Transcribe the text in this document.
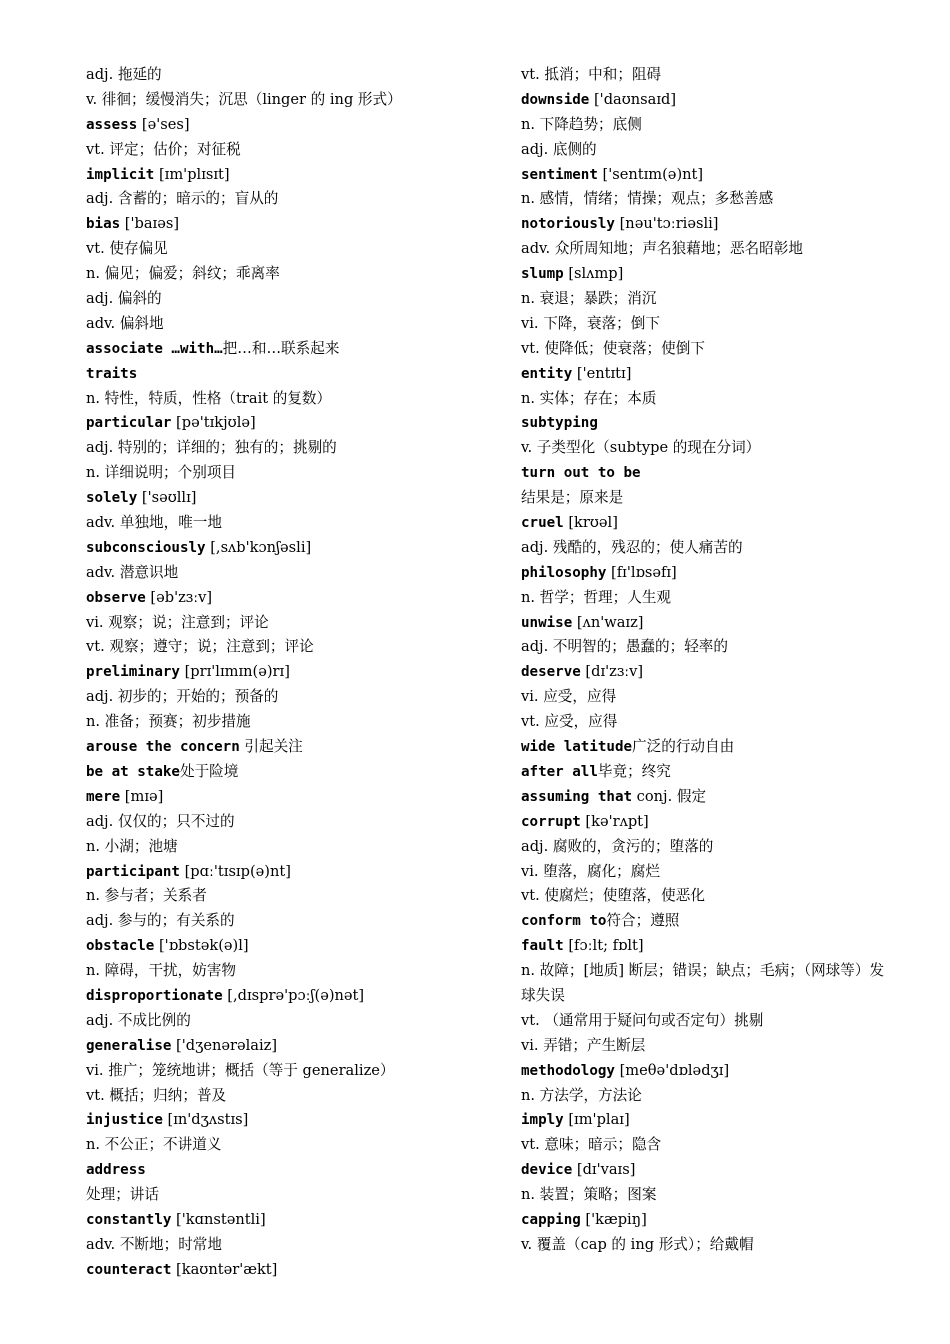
adj. 拖延的
v. 徘徊；缓慢消失；沉思（linger 的 ing 形式）
assess [ə'ses]
vt. 评定；估价；对征税
implicit [ɪm'plɪsɪt]
adj. 含蓄的；暗示的；盲从的
bias ['baɪəs]
vt. 使存偏见
n. 偏见；偏爱；斜纹；乖离率
adj. 偏斜的
adv. 偏斜地
associate …with…把…和…联系起来
traits
n. 特性，特质，性格（trait 的复数）
particular [pə'tɪkjʊlə]
adj. 特别的；详细的；独有的；挑剔的
n. 详细说明；个别项目
solely ['səʊllɪ]
adv. 单独地，唯一地
subconsciously [,sʌb'kɔnʃəsli]
adv. 潜意识地
observe [əb'zɜːv]
vi. 观察；说；注意到；评论
vt. 观察；遵守；说；注意到；评论
preliminary [prɪ'lɪmɪn(ə)rɪ]
adj. 初步的；开始的；预备的
n. 准备；预赛；初步措施
arouse the concern 引起关注
be at stake处于险境
mere [mɪə]
adj. 仅仅的；只不过的
n. 小湖；池塘
participant [pɑː'tɪsɪp(ə)nt]
n. 参与者；关系者
adj. 参与的；有关系的
obstacle ['ɒbstək(ə)l]
n. 障碍，干扰，妨害物
disproportionate [,dɪsprə'pɔːʃ(ə)nət]
adj. 不成比例的
generalise ['dʒenərəlaiz]
vi. 推广；笼统地讲；概括（等于 generalize）
vt. 概括；归纳；普及
injustice [ɪn'dʒʌstɪs]
n. 不公正；不讲道义
address
处理；讲话
constantly ['kɑnstəntli]
adv. 不断地；时常地
counteract [kaʊntər'ækt]
vt. 抵消；中和；阻碍
downside ['daʊnsaɪd]
n. 下降趋势；底侧
adj. 底侧的
sentiment ['sentɪm(ə)nt]
n. 感情，情绪；情操；观点；多愁善感
notoriously [nəu'tɔːriəsli]
adv. 众所周知地；声名狼藉地；恶名昭彰地
slump [slʌmp]
n. 衰退；暴跌；消沉
vi. 下降，衰落；倒下
vt. 使降低；使衰落；使倒下
entity ['entɪtɪ]
n. 实体；存在；本质
subtyping
v. 子类型化（subtype 的现在分词）
turn out to be
结果是；原来是
cruel [krʊəl]
adj. 残酷的，残忍的；使人痛苦的
philosophy [fɪ'lɒsəfɪ]
n. 哲学；哲理；人生观
unwise [ʌn'waɪz]
adj. 不明智的；愚蠢的；轻率的
deserve [dɪ'zɜːv]
vi. 应受，应得
vt. 应受，应得
wide latitude广泛的行动自由
after all毕竟；终究
assuming that conj. 假定
corrupt [kə'rʌpt]
adj. 腐败的，贪污的；堕落的
vi. 堕落，腐化；腐烂
vt. 使腐烂；使堕落，使恶化
conform to符合；遵照
fault [fɔːlt; fɒlt]
n. 故障；[地质] 断层；错误；缺点；毛病；（网球等）发球失误
vt. （通常用于疑问句或否定句）挑剔
vi. 弄错；产生断层
methodology [meθə'dɒlədʒɪ]
n. 方法学，方法论
imply [ɪm'plaɪ]
vt. 意味；暗示；隐含
device [dɪ'vaɪs]
n. 装置；策略；图案
capping ['kæpiŋ]
v. 覆盖（cap 的 ing 形式）；给戴帽
